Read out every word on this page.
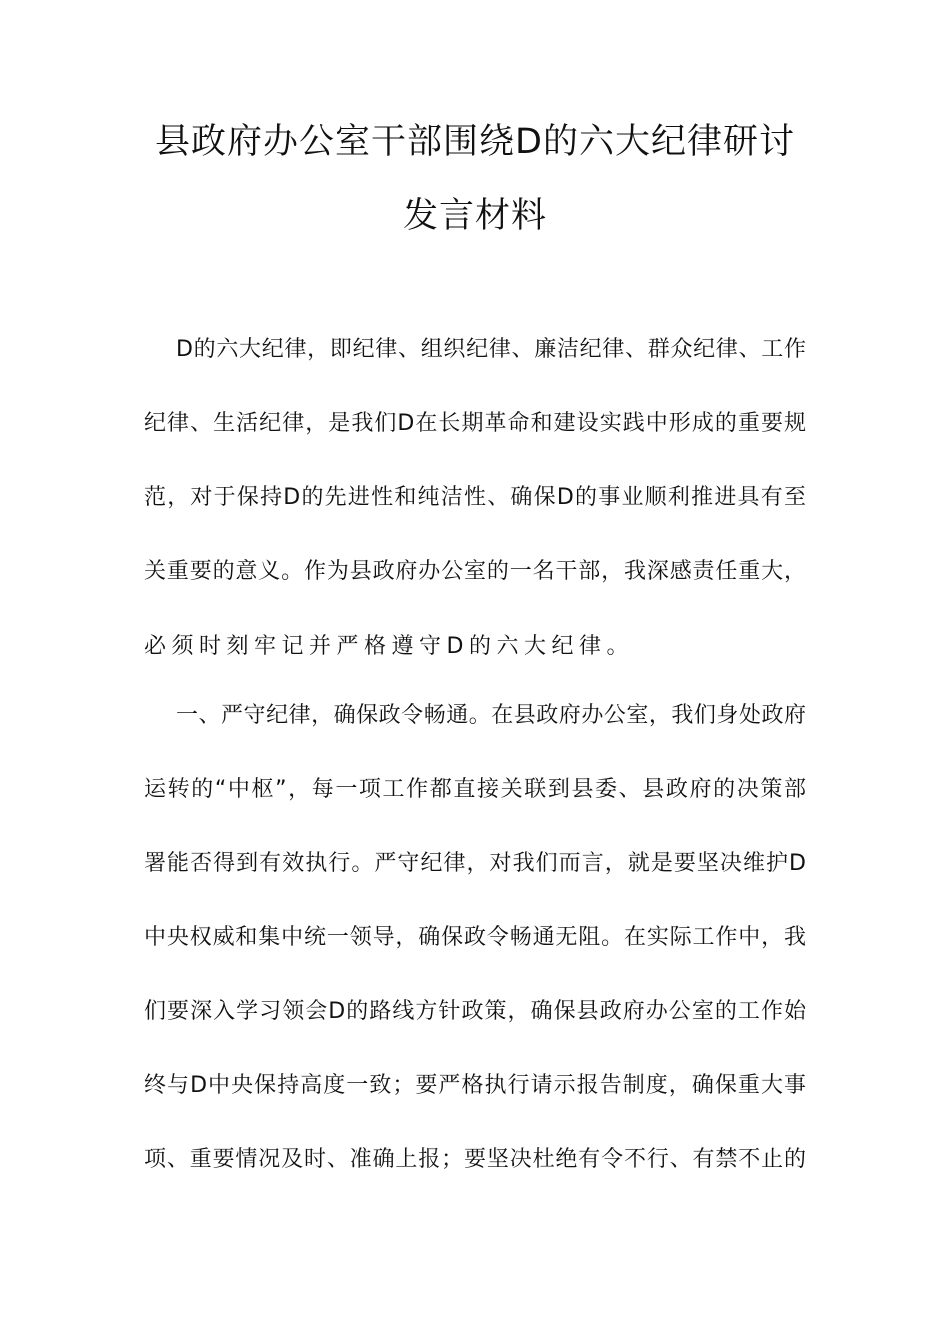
县政府办公室干部围绕D的六大纪律研讨
发言材料
D的六大纪律，即纪律、组织纪律、廉洁纪律、群众纪律、工作
纪律、生活纪律，是我们D在长期革命和建设实践中形成的重要规
范，对于保持D的先进性和纯洁性、确保D的事业顺利推进具有至
关重要的意义。作为县政府办公室的一名干部，我深感责任重大，
必须时刻牢记并严格遵守D的六大纪律。
一、严守纪律，确保政令畅通。在县政府办公室，我们身处政府
运转的“中枢”，每一项工作都直接关联到县委、县政府的决策部
署能否得到有效执行。严守纪律，对我们而言，就是要坚决维护D
中央权威和集中统一领导，确保政令畅通无阻。在实际工作中，我
们要深入学习领会D的路线方针政策，确保县政府办公室的工作始
终与D中央保持高度一致；要严格执行请示报告制度，确保重大事
项、重要情况及时、准确上报；要坚决杜绝有令不行、有禁不止的
